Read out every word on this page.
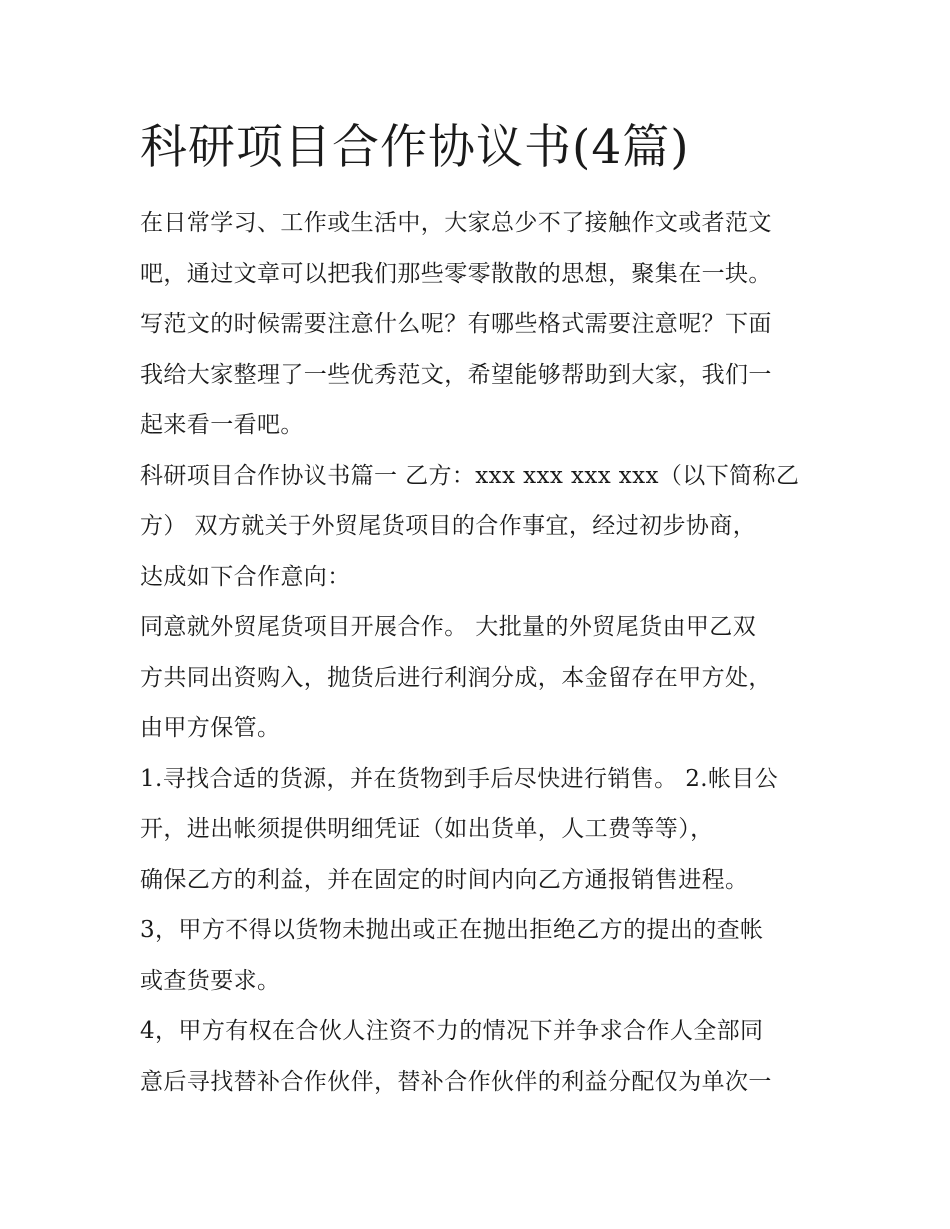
科研项目合作协议书(4篇)

在日常学习、工作或生活中，大家总少不了接触作文或者范文
吧，通过文章可以把我们那些零零散散的思想，聚集在一块。
写范文的时候需要注意什么呢？有哪些格式需要注意呢？下面
我给大家整理了一些优秀范文，希望能够帮助到大家，我们一
起来看一看吧。

科研项目合作协议书篇一 乙方：xxx xxx xxx xxx（以下简称乙
方） 双方就关于外贸尾货项目的合作事宜，经过初步协商，
达成如下合作意向：

同意就外贸尾货项目开展合作。 大批量的外贸尾货由甲乙双
方共同出资购入，抛货后进行利润分成，本金留存在甲方处，
由甲方保管。

1.寻找合适的货源，并在货物到手后尽快进行销售。 2.帐目公
开，进出帐须提供明细凭证（如出货单，人工费等等），
确保乙方的利益，并在固定的时间内向乙方通报销售进程。

3，甲方不得以货物未抛出或正在抛出拒绝乙方的提出的查帐
或查货要求。

4，甲方有权在合伙人注资不力的情况下并争求合作人全部同
意后寻找替补合作伙伴，替补合作伙伴的利益分配仅为单次一
